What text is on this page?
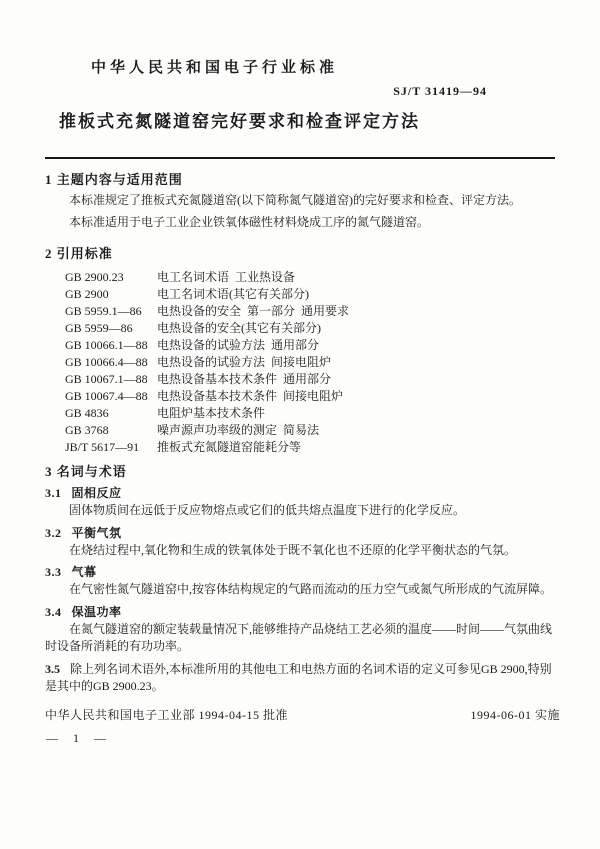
中华人民共和国电子行业标准
SJ/T 31419—94
推板式充氮隧道窑完好要求和检查评定方法
1 主题内容与适用范围

本标准规定了推板式充氮隧道窑(以下简称氮气隧道窑)的完好要求和检查、评定方法。

本标准适用于电子工业企业铁氧体磁性材料烧成工序的氮气隧道窑。

2 引用标准
GB 2900.23	电工名词术语  工业热设备
GB 2900	电工名词术语(其它有关部分)
GB 5959.1—86	电热设备的安全  第一部分  通用要求
GB 5959—86	电热设备的安全(其它有关部分)
GB 10066.1—88 电热设备的试验方法  通用部分
GB 10066.4—88 电热设备的试验方法  间接电阻炉
GB 10067.1—88 电热设备基本技术条件  通用部分
GB 10067.4—88 电热设备基本技术条件  间接电阻炉
GB 4836	电阻炉基本技术条件
GB 3768	噪声源声功率级的测定  简易法
JB/T 5617—91	推板式充氮隧道窑能耗分等
3 名词与术语
3.1 固相反应

固体物质间在远低于反应物熔点或它们的低共熔点温度下进行的化学反应。

3.2 平衡气氛

在烧结过程中,氧化物和生成的铁氧体处于既不氧化也不还原的化学平衡状态的气氛。

3.3 气幕

在气密性氮气隧道窑中,按容体结构规定的气路而流动的压力空气或氮气所形成的气流屏障。

3.4 保温功率

在氮气隧道窑的额定装载量情况下,能够维持产品烧结工艺必须的温度——时间——气氛曲线时设备所消耗的有功功率。

3.5 除上列名词术语外,本标准所用的其他电工和电热方面的名词术语的定义可参见GB 2900,特别是其中的GB 2900.23。

中华人民共和国电子工业部 1994-04-15 批准	1994-06-01 实施
— 1 —
